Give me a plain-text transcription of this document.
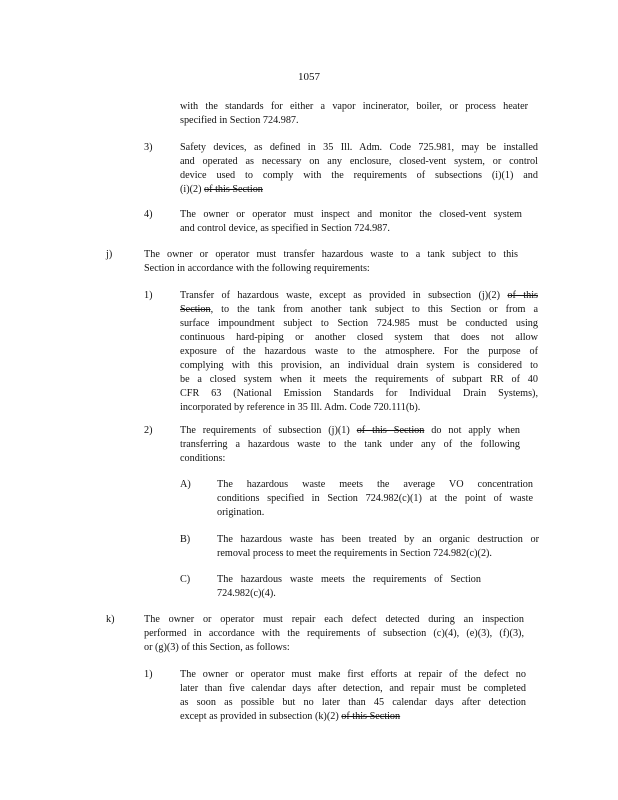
1057
with the standards for either a vapor incinerator, boiler, or process heater
specified in Section 724.987.
3)	Safety devices, as defined in 35 Ill. Adm. Code 725.981, may be installed
and operated as necessary on any enclosure, closed-vent system, or control
device used to comply with the requirements of subsections (i)(1) and
(i)(2) of this Section
4)	The owner or operator must inspect and monitor the closed-vent system
and control device, as specified in Section 724.987.
j)	The owner or operator must transfer hazardous waste to a tank subject to this
Section in accordance with the following requirements:
1)	Transfer of hazardous waste, except as provided in subsection (j)(2) of this
Section, to the tank from another tank subject to this Section or from a
surface impoundment subject to Section 724.985 must be conducted using
continuous hard-piping or another closed system that does not allow
exposure of the hazardous waste to the atmosphere. For the purpose of
complying with this provision, an individual drain system is considered to
be a closed system when it meets the requirements of subpart RR of 40
CFR 63 (National Emission Standards for Individual Drain Systems),
incorporated by reference in 35 Ill. Adm. Code 720.111(b).
2)	The requirements of subsection (j)(1) of this Section do not apply when
transferring a hazardous waste to the tank under any of the following
conditions:
A)	The hazardous waste meets the average VO concentration
conditions specified in Section 724.982(c)(1) at the point of waste
origination.
B)	The hazardous waste has been treated by an organic destruction or
removal process to meet the requirements in Section 724.982(c)(2).
C)	The hazardous waste meets the requirements of Section
724.982(c)(4).
k)	The owner or operator must repair each defect detected during an inspection
performed in accordance with the requirements of subsection (c)(4), (e)(3), (f)(3),
or (g)(3) of this Section, as follows:
1)	The owner or operator must make first efforts at repair of the defect no
later than five calendar days after detection, and repair must be completed
as soon as possible but no later than 45 calendar days after detection
except as provided in subsection (k)(2) of this Section
